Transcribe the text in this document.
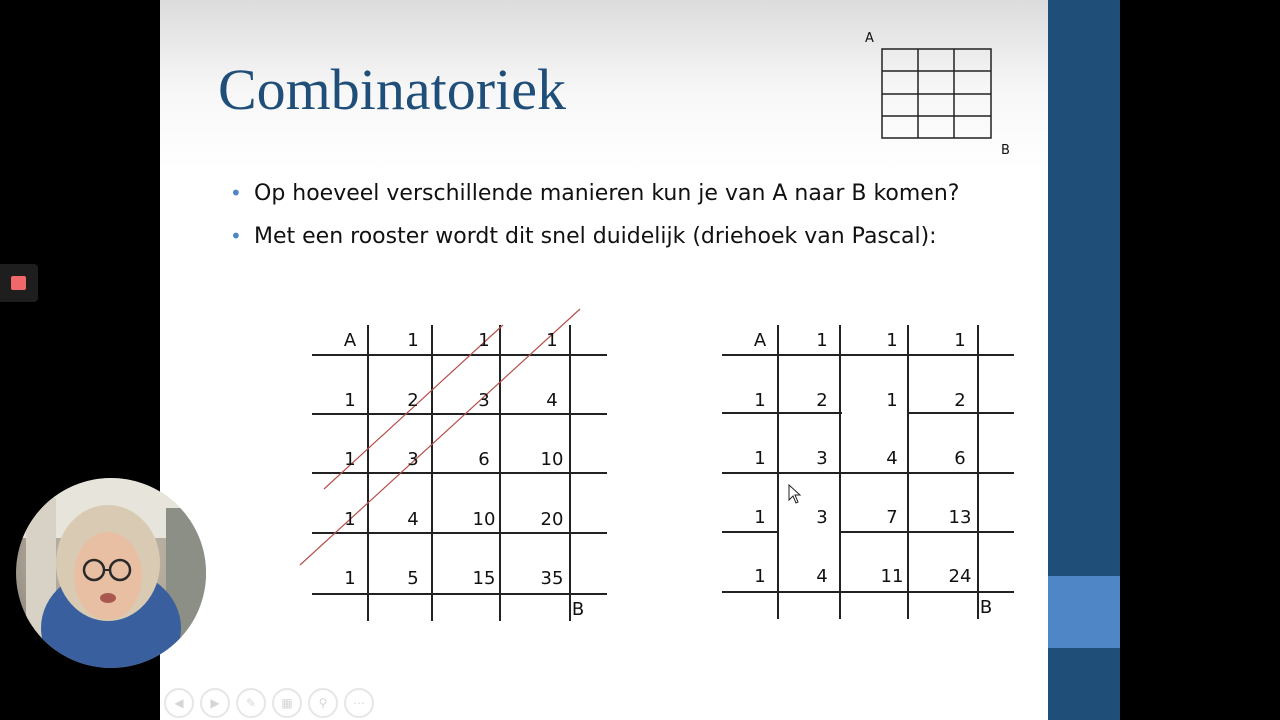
Combinatoriek
A
B
• Op hoeveel verschillende manieren kun je van A naar B komen?
• Met een rooster wordt dit snel duidelijk (driehoek van Pascal):
A	1	1	1
1	2	3	4
1	3	6	10
1	4	10	20
1	5	15	35
B
A	1	1	1
1	2	1	2
1	3	4	6
1	3	7	13
1	4	11	24
B
◀	▶	✎	▦	⚲	⋯
